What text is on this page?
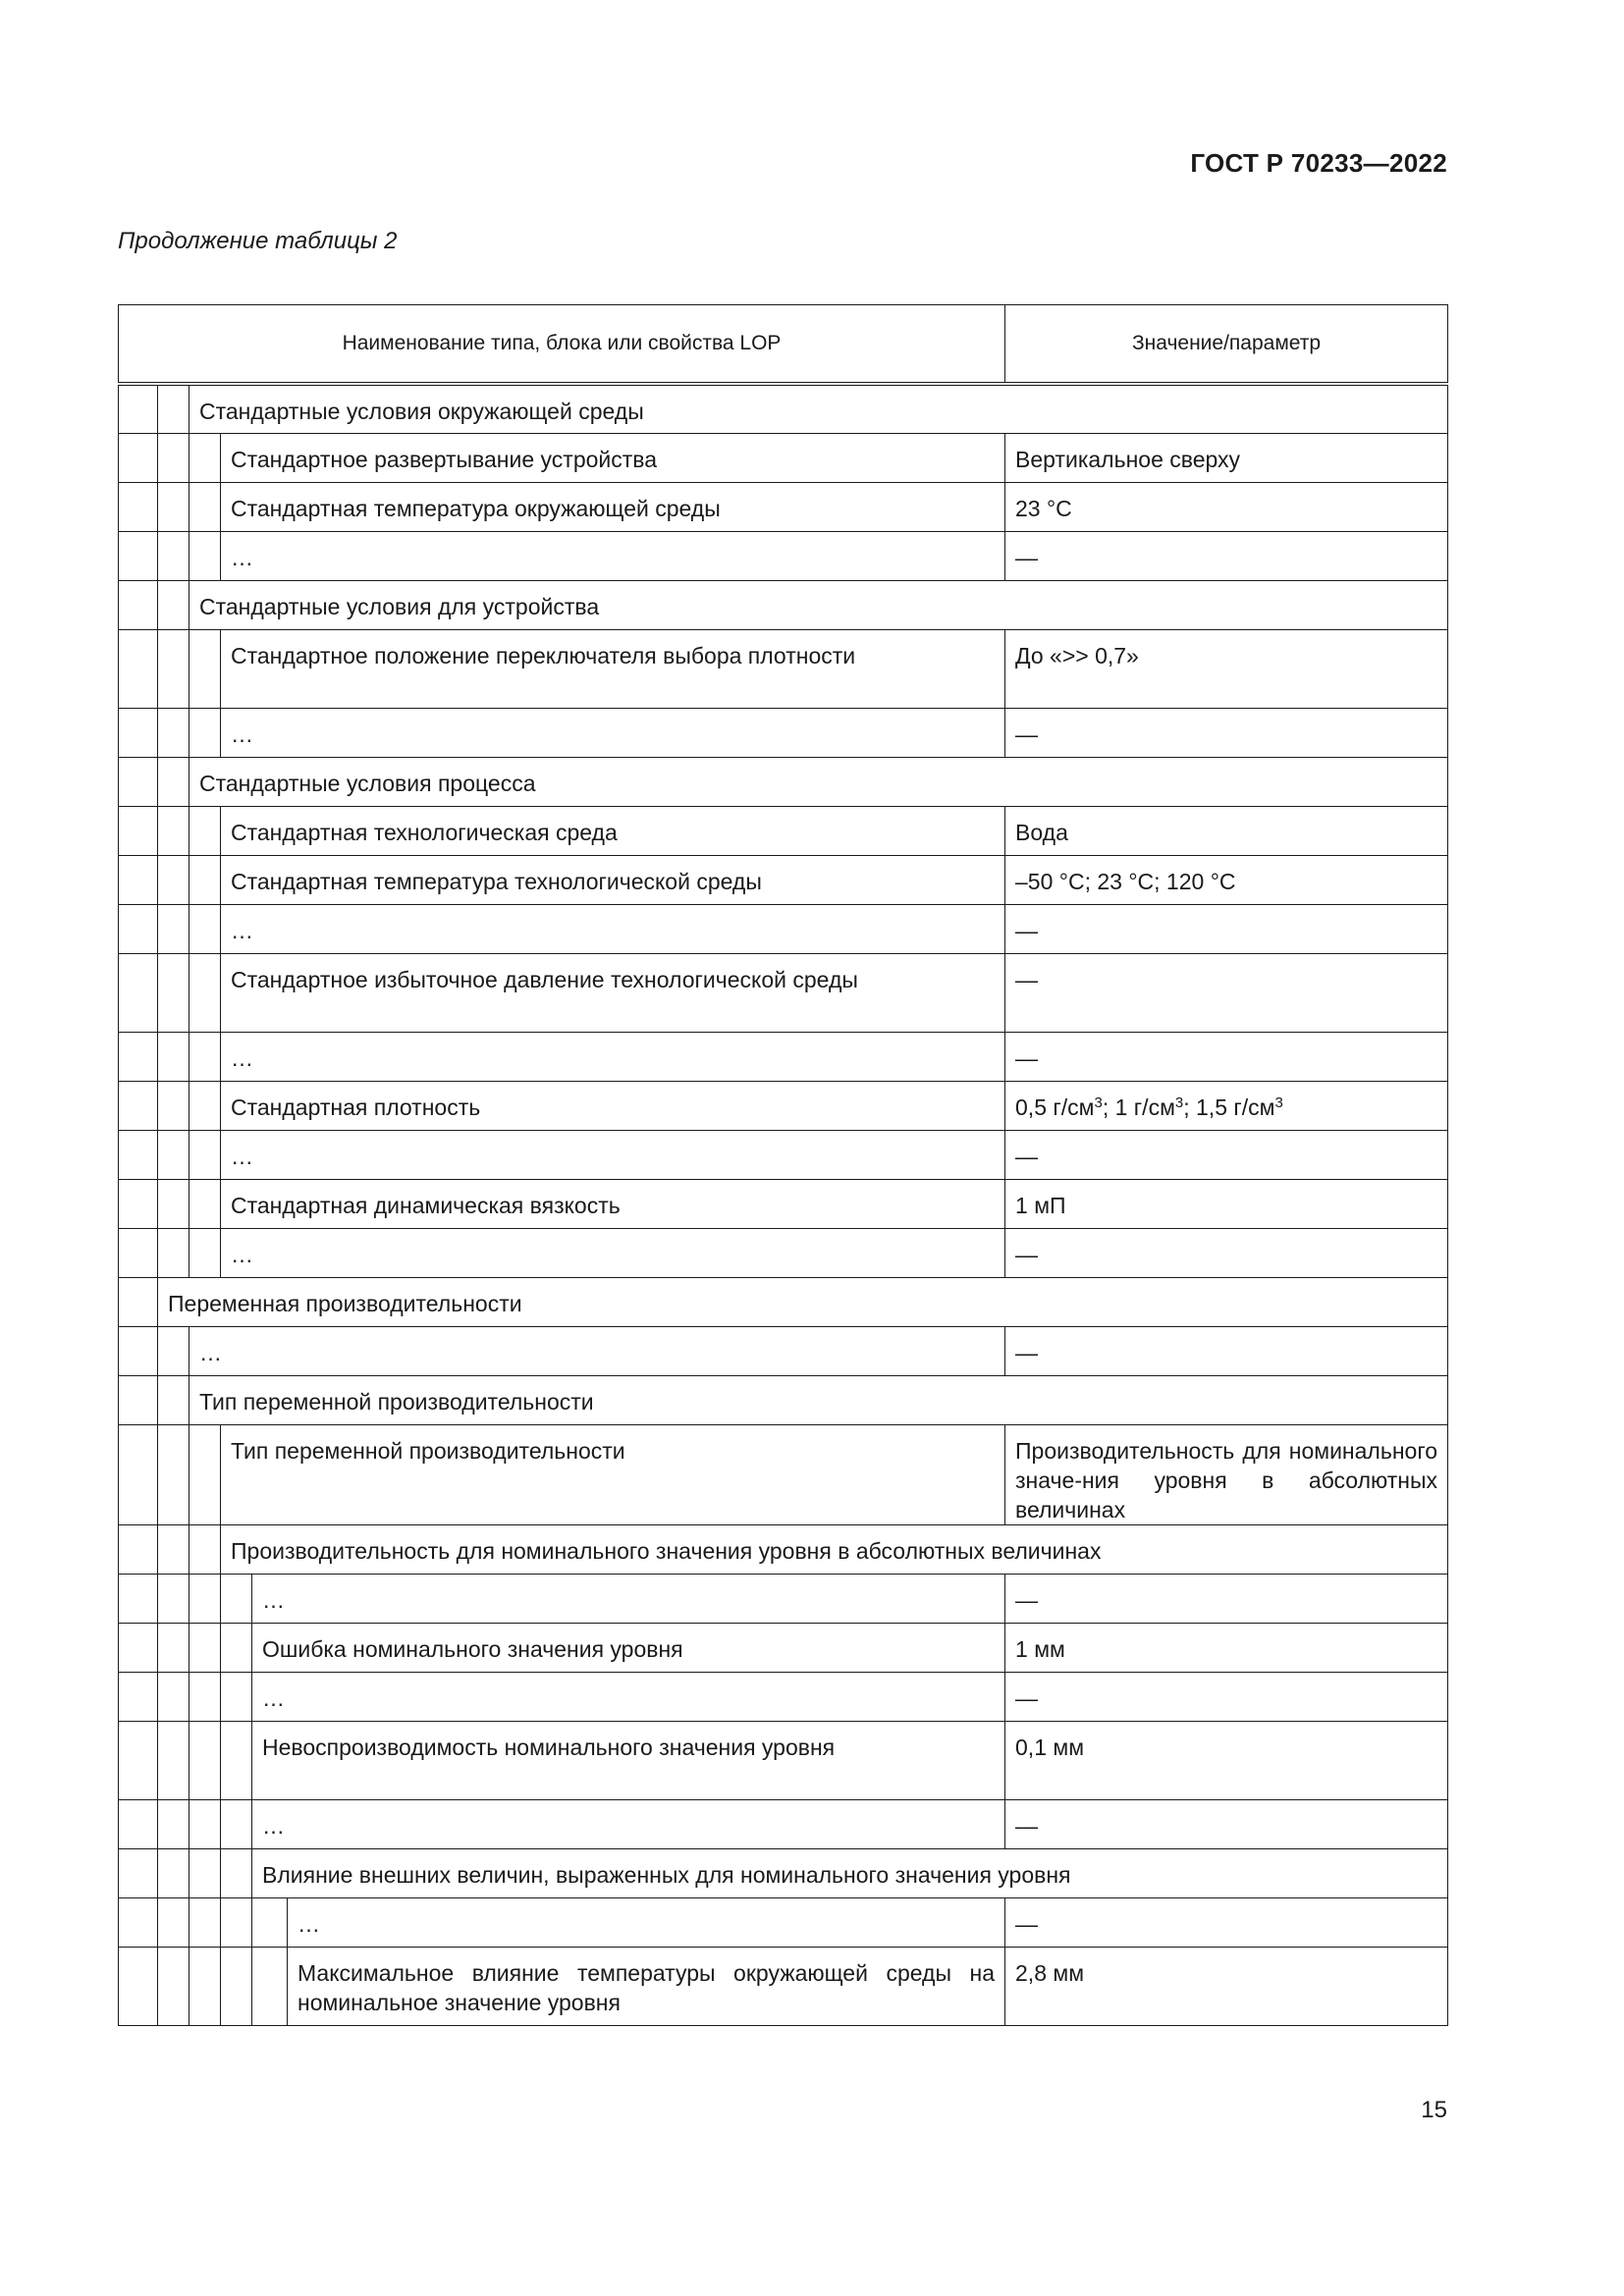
ГОСТ Р 70233—2022
Продолжение таблицы 2
Наименование типа, блока или свойства LOP						Значение/параметр
		Стандартные условия окружающей среды				
			Стандартное развертывание устройства			Вертикальное сверху
			Стандартная температура окружающей среды			23 °C
			…			—
		Стандартные условия для устройства				
			Стандартное положение переключателя выбора плотности			До «>> 0,7»
			…			—
		Стандартные условия процесса				
			Стандартная технологическая среда			Вода
			Стандартная температура технологической среды			–50 °C; 23 °C; 120 °C
			…			—
			Стандартное избыточное давление технологической среды			—
			…			—
			Стандартная плотность			0,5 $г/см^3$; 1 $г/см^3$; 1,5 $г/см^3$
			…			—
			Стандартная динамическая вязкость			1 мП
			…			—
	Переменная производительности					
		…				—
		Тип переменной производительности				
			Тип переменной производительности			Производительность для номинального значе-ния уровня в абсолютных величинах
			Производительность для номинального значения уровня в абсолютных величинах			
				…		—
				Ошибка номинального значения уровня		1 мм
				…		—
				Невоспроизводимость номинального значения уровня		0,1 мм
				…		—
				Влияние внешних величин, выраженных для номинального значения уровня		
					…	—
					Максимальное влияние температуры окружающей среды на номинальное значение уровня	2,8 мм
15
